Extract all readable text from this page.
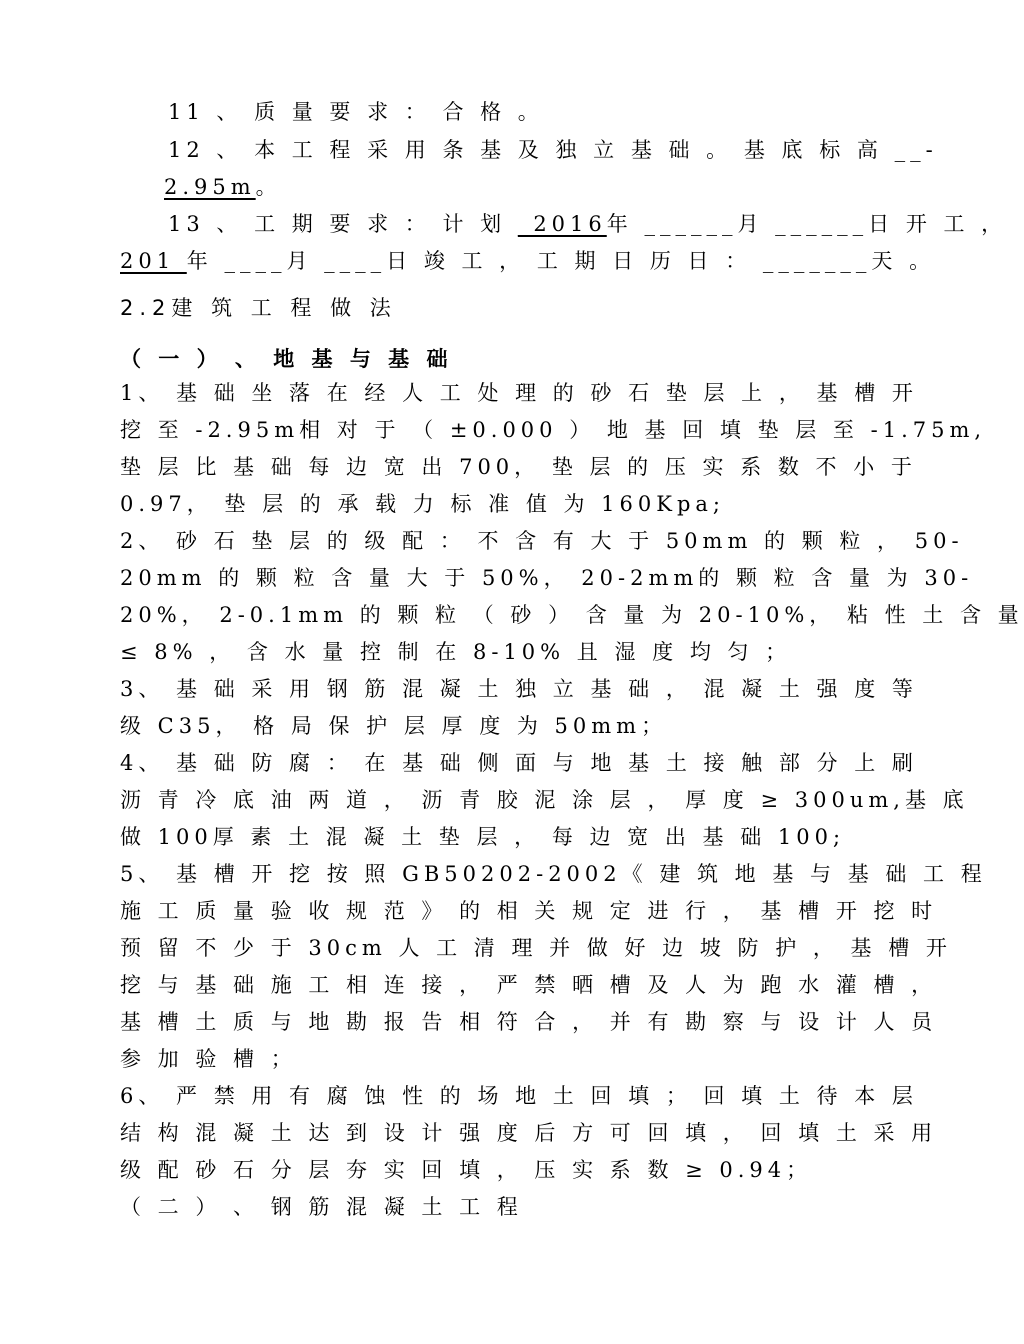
11 、 质 量 要 求 ： 合 格 。
12 、 本 工 程 采 用 条 基 及 独 立 基 础 。 基 底 标 高 __-
2.95m。
13 、 工 期 要 求 ： 计 划 _2016年 ______月 ______日 开 工 ，
201 年 ____月 ____日 竣 工 ， 工 期 日 历 日 ： _______天 。
2.2建 筑 工 程 做 法
（ 一 ） 、 地 基 与 基 础
1、 基 础 坐 落 在 经 人 工 处 理 的 砂 石 垫 层 上 ， 基 槽 开
挖 至 -2.95m相 对 于 （ ±0.000 ） 地 基 回 填 垫 层 至 -1.75m,
垫 层 比 基 础 每 边 宽 出 700， 垫 层 的 压 实 系 数 不 小 于
0.97， 垫 层 的 承 载 力 标 准 值 为 160Kpa;
2、 砂 石 垫 层 的 级 配 ： 不 含 有 大 于 50mm 的 颗 粒 ， 50-
20mm 的 颗 粒 含 量 大 于 50%， 20-2mm的 颗 粒 含 量 为 30-
20%， 2-0.1mm 的 颗 粒 （ 砂 ） 含 量 为 20-10%， 粘 性 土 含 量
≤ 8% ， 含 水 量 控 制 在 8-10% 且 湿 度 均 匀 ；
3、 基 础 采 用 钢 筋 混 凝 土 独 立 基 础 ， 混 凝 土 强 度 等
级 C35， 格 局 保 护 层 厚 度 为 50mm；
4、 基 础 防 腐 ： 在 基 础 侧 面 与 地 基 土 接 触 部 分 上 刷
沥 青 冷 底 油 两 道 ， 沥 青 胶 泥 涂 层 ， 厚 度 ≥ 300um,基 底
做 100厚 素 土 混 凝 土 垫 层 ， 每 边 宽 出 基 础 100;
5、 基 槽 开 挖 按 照 GB50202-2002《 建 筑 地 基 与 基 础 工 程
施 工 质 量 验 收 规 范 》 的 相 关 规 定 进 行 ， 基 槽 开 挖 时
预 留 不 少 于 30cm 人 工 清 理 并 做 好 边 坡 防 护 ， 基 槽 开
挖 与 基 础 施 工 相 连 接 ， 严 禁 晒 槽 及 人 为 跑 水 灌 槽 ，
基 槽 土 质 与 地 勘 报 告 相 符 合 ， 并 有 勘 察 与 设 计 人 员
参 加 验 槽 ；
6、 严 禁 用 有 腐 蚀 性 的 场 地 土 回 填 ； 回 填 土 待 本 层
结 构 混 凝 土 达 到 设 计 强 度 后 方 可 回 填 ， 回 填 土 采 用
级 配 砂 石 分 层 夯 实 回 填 ， 压 实 系 数 ≥ 0.94；
（ 二 ） 、 钢 筋 混 凝 土 工 程
